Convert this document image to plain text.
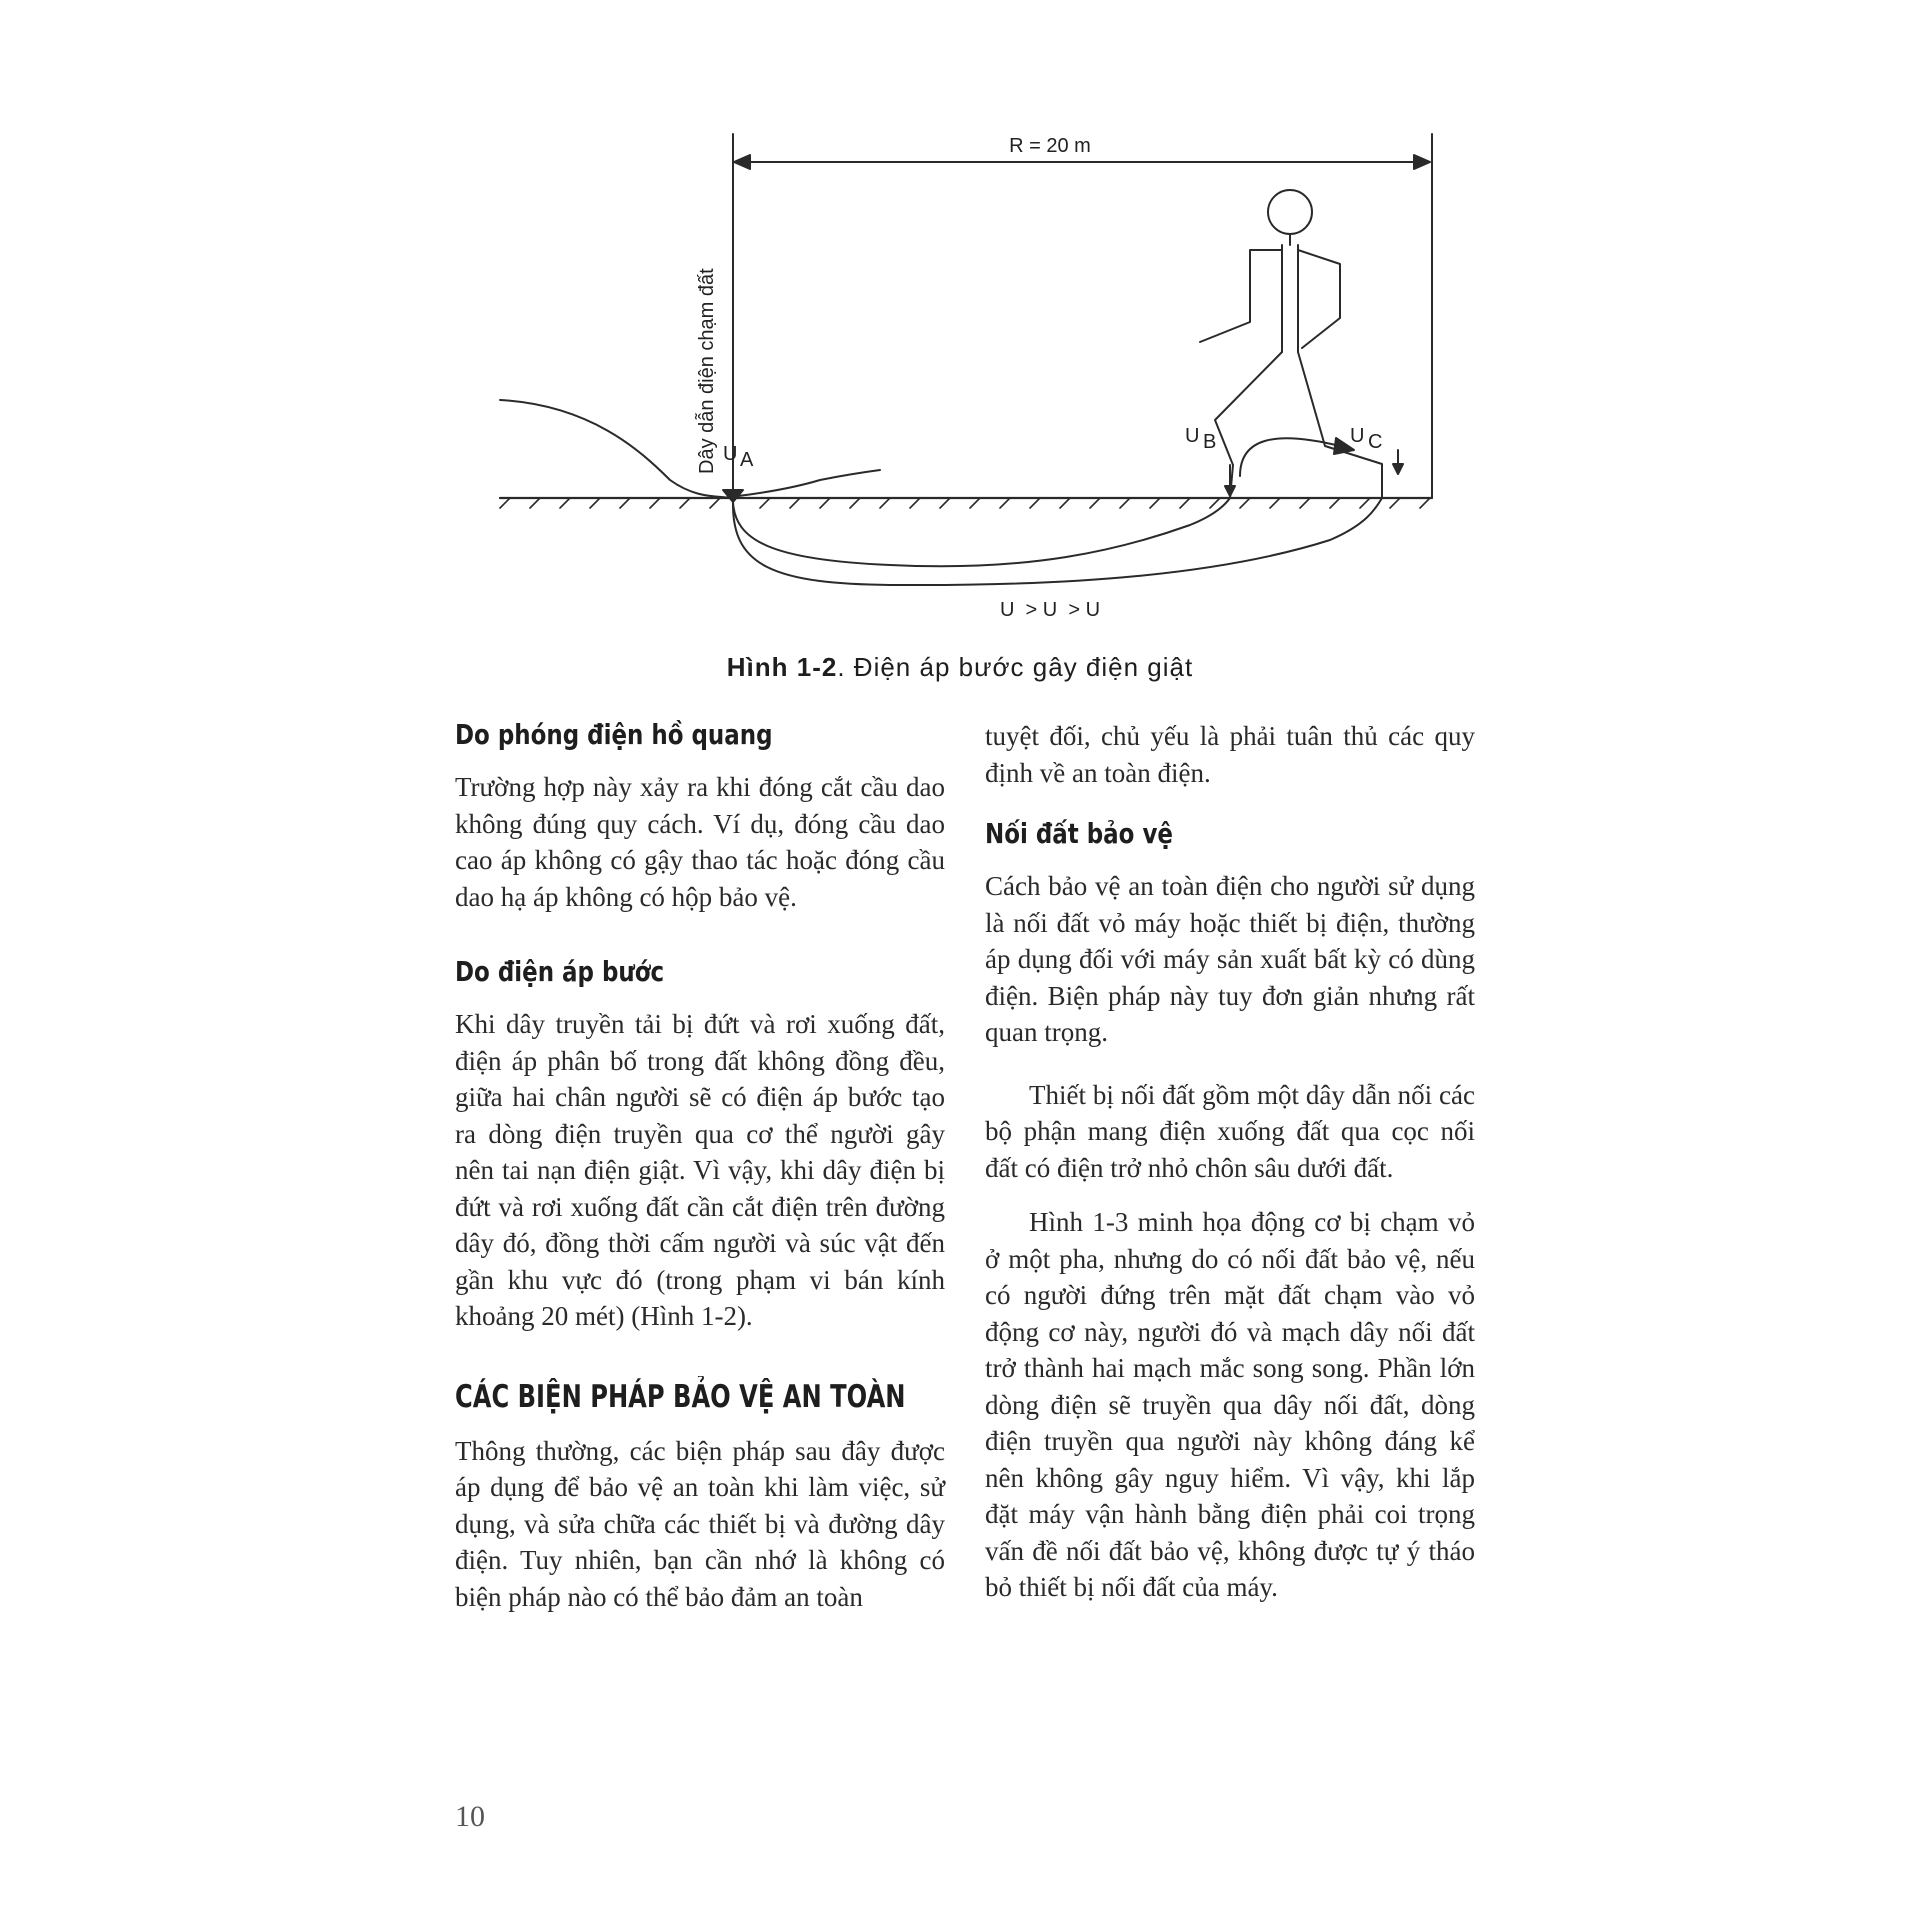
R = 20 m
Dây dẫn điện chạm đất U A
U B	U C
U  > U  > U
Hình 1-2. Điện áp bước gây điện giật
Do phóng điện hồ quang

Trường hợp này xảy ra khi đóng cắt cầu dao không đúng quy cách. Ví dụ, đóng cầu dao cao áp không có gậy thao tác hoặc đóng cầu dao hạ áp không có hộp bảo vệ.

Do điện áp bước

Khi dây truyền tải bị đứt và rơi xuống đất, điện áp phân bố trong đất không đồng đều, giữa hai chân người sẽ có điện áp bước tạo ra dòng điện truyền qua cơ thể người gây nên tai nạn điện giật. Vì vậy, khi dây điện bị đứt và rơi xuống đất cần cắt điện trên đường dây đó, đồng thời cấm người và súc vật đến gần khu vực đó (trong phạm vi bán kính khoảng 20 mét) (Hình 1-2).

CÁC BIỆN PHÁP BẢO VỆ AN TOÀN

Thông thường, các biện pháp sau đây được áp dụng để bảo vệ an toàn khi làm việc, sử dụng, và sửa chữa các thiết bị và đường dây điện. Tuy nhiên, bạn cần nhớ là không có biện pháp nào có thể bảo đảm an toàn

tuyệt đối, chủ yếu là phải tuân thủ các quy định về an toàn điện.

Nối đất bảo vệ

Cách bảo vệ an toàn điện cho người sử dụng là nối đất vỏ máy hoặc thiết bị điện, thường áp dụng đối với máy sản xuất bất kỳ có dùng điện. Biện pháp này tuy đơn giản nhưng rất quan trọng.

Thiết bị nối đất gồm một dây dẫn nối các bộ phận mang điện xuống đất qua cọc nối đất có điện trở nhỏ chôn sâu dưới đất.

Hình 1-3 minh họa động cơ bị chạm vỏ ở một pha, nhưng do có nối đất bảo vệ, nếu có người đứng trên mặt đất chạm vào vỏ động cơ này, người đó và mạch dây nối đất trở thành hai mạch mắc song song. Phần lớn dòng điện sẽ truyền qua dây nối đất, dòng điện truyền qua người này không đáng kể nên không gây nguy hiểm. Vì vậy, khi lắp đặt máy vận hành bằng điện phải coi trọng vấn đề nối đất bảo vệ, không được tự ý tháo bỏ thiết bị nối đất của máy.

10
